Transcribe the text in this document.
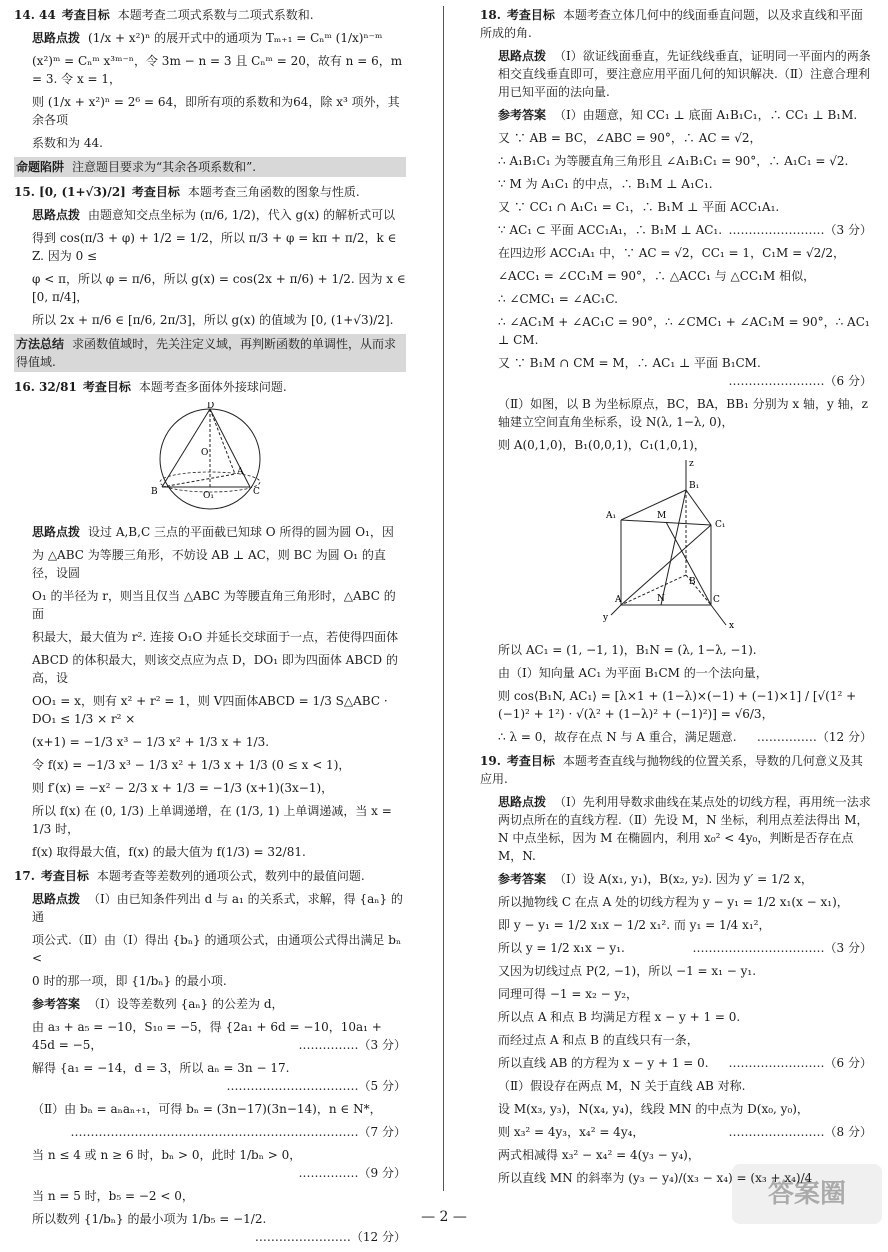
14. 44 考查目标 本题考查二项式系数与二项式系数和.

思路点拨 (1/x + x²)ⁿ 的展开式中的通项为 Tₘ₊₁ = Cₙᵐ (1/x)ⁿ⁻ᵐ

(x²)ᵐ = Cₙᵐ x³ᵐ⁻ⁿ，令 3m − n = 3 且 Cₙᵐ = 20，故有 n = 6，m = 3. 令 x = 1，

则 (1/x + x²)ⁿ = 2⁶ = 64，即所有项的系数和为64，除 x³ 项外，其余各项

系数和为 44.

命题陷阱 注意题目要求为“其余各项系数和”.

15. [0, (1+√3)/2] 考查目标 本题考查三角函数的图象与性质.

思路点拨 由题意知交点坐标为 (π/6, 1/2)，代入 g(x) 的解析式可以

得到 cos(π/3 + φ) + 1/2 = 1/2，所以 π/3 + φ = kπ + π/2，k ∈ Z. 因为 0 ≤

φ < π，所以 φ = π/6，所以 g(x) = cos(2x + π/6) + 1/2. 因为 x ∈ [0, π/4]，

所以 2x + π/6 ∈ [π/6, 2π/3]，所以 g(x) 的值域为 [0, (1+√3)/2].

方法总结 求函数值域时，先关注定义域，再判断函数的单调性，从而求得值域.

16. 32/81 考查目标 本题考查多面体外接球问题.

D
O
A
B	O₁	C

思路点拨 设过 A,B,C 三点的平面截已知球 O 所得的圆为圆 O₁，因

为 △ABC 为等腰三角形，不妨设 AB ⊥ AC，则 BC 为圆 O₁ 的直径，设圆

O₁ 的半径为 r，则当且仅当 △ABC 为等腰直角三角形时，△ABC 的面

积最大，最大值为 r². 连接 O₁O 并延长交球面于一点，若使得四面体

ABCD 的体积最大，则该交点应为点 D，DO₁ 即为四面体 ABCD 的高，设

OO₁ = x，则有 x² + r² = 1，则 V四面体ABCD = 1/3 S△ABC · DO₁ ≤ 1/3 × r² ×

(x+1) = −1/3 x³ − 1/3 x² + 1/3 x + 1/3.

令 f(x) = −1/3 x³ − 1/3 x² + 1/3 x + 1/3 (0 ≤ x < 1)，

则 f′(x) = −x² − 2/3 x + 1/3 = −1/3 (x+1)(3x−1)，

所以 f(x) 在 (0, 1/3) 上单调递增，在 (1/3, 1) 上单调递减，当 x = 1/3 时，

f(x) 取得最大值，f(x) 的最大值为 f(1/3) = 32/81.

17. 考查目标 本题考查等差数列的通项公式，数列中的最值问题.

思路点拨 （Ⅰ）由已知条件列出 d 与 a₁ 的关系式，求解，得 {aₙ} 的通

项公式.（Ⅱ）由（Ⅰ）得出 {bₙ} 的通项公式，由通项公式得出满足 bₙ <

0 时的那一项，即 {1/bₙ} 的最小项.

参考答案 （Ⅰ）设等差数列 {aₙ} 的公差为 d，

由 a₃ + a₅ = −10，S₁₀ = −5，得 {2a₁ + 6d = −10，10a₁ + 45d = −5，	……………（3 分）

解得 {a₁ = −14，d = 3，所以 aₙ = 3n − 17.
……………………………（5 分）

（Ⅱ）由 bₙ = aₙaₙ₊₁，可得 bₙ = (3n−17)(3n−14)，n ∈ N*，

………………………………………………………………（7 分）

当 n ≤ 4 或 n ≥ 6 时，bₙ > 0，此时 1/bₙ > 0，
……………（9 分）

当 n = 5 时，b₅ = −2 < 0，

所以数列 {1/bₙ} 的最小项为 1/b₅ = −1/2.
……………………（12 分）

18. 考查目标 本题考查立体几何中的线面垂直问题，以及求直线和平面所成的角.

思路点拨 （Ⅰ）欲证线面垂直，先证线线垂直，证明同一平面内的两条相交直线垂直即可，要注意应用平面几何的知识解决.（Ⅱ）注意合理利用已知平面的法向量.

参考答案 （Ⅰ）由题意，知 CC₁ ⊥ 底面 A₁B₁C₁，∴ CC₁ ⊥ B₁M.

又 ∵ AB = BC，∠ABC = 90°，∴ AC = √2，

∴ A₁B₁C₁ 为等腰直角三角形且 ∠A₁B₁C₁ = 90°，∴ A₁C₁ = √2.

∵ M 为 A₁C₁ 的中点，∴ B₁M ⊥ A₁C₁.

又 ∵ CC₁ ∩ A₁C₁ = C₁，∴ B₁M ⊥ 平面 ACC₁A₁.

∵ AC₁ ⊂ 平面 ACC₁A₁，∴ B₁M ⊥ AC₁. ……………………（3 分）

在四边形 ACC₁A₁ 中，∵ AC = √2，CC₁ = 1，C₁M = √2/2，

∠ACC₁ = ∠CC₁M = 90°，∴ △ACC₁ 与 △CC₁M 相似，

∴ ∠CMC₁ = ∠AC₁C.

∴ ∠AC₁M + ∠AC₁C = 90°，∴ ∠CMC₁ + ∠AC₁M = 90°，∴ AC₁ ⊥ CM.

又 ∵ B₁M ∩ CM = M，∴ AC₁ ⊥ 平面 B₁CM.
……………………（6 分）

（Ⅱ）如图，以 B 为坐标原点，BC，BA，BB₁ 分别为 x 轴，y 轴，z 轴建立空间直角坐标系，设 N(λ, 1−λ, 0)，

则 A(0,1,0)，B₁(0,0,1)，C₁(1,0,1)，

z
B₁
A₁	M
C₁
N
B
A	C
y
x

所以 AC₁ = (1, −1, 1)，B₁N = (λ, 1−λ, −1).

由（Ⅰ）知向量 AC₁ 为平面 B₁CM 的一个法向量，

则 cos⟨B₁N, AC₁⟩ = [λ×1 + (1−λ)×(−1) + (−1)×1] / [√(1² + (−1)² + 1²) · √(λ² + (1−λ)² + (−1)²)] = √6/3，

∴ λ = 0，故存在点 N 与 A 重合，满足题意. ……………（12 分）

19. 考查目标 本题考查直线与抛物线的位置关系，导数的几何意义及其应用.

思路点拨 （Ⅰ）先利用导数求曲线在某点处的切线方程，再用统一法求两切点所在的直线方程.（Ⅱ）先设 M，N 坐标，利用点差法得出 M，N 中点坐标，因为 M 在椭圆内，利用 x₀² < 4y₀，判断是否存在点 M，N.

参考答案 （Ⅰ）设 A(x₁, y₁)，B(x₂, y₂). 因为 y′ = 1/2 x，

所以抛物线 C 在点 A 处的切线方程为 y − y₁ = 1/2 x₁(x − x₁)，

即 y − y₁ = 1/2 x₁x − 1/2 x₁². 而 y₁ = 1/4 x₁²，

所以 y = 1/2 x₁x − y₁.	……………………………（3 分）

又因为切线过点 P(2, −1)，所以 −1 = x₁ − y₁.

同理可得 −1 = x₂ − y₂，

所以点 A 和点 B 均满足方程 x − y + 1 = 0.

而经过点 A 和点 B 的直线只有一条，

所以直线 AB 的方程为 x − y + 1 = 0. ……………………（6 分）

（Ⅱ）假设存在两点 M，N 关于直线 AB 对称.

设 M(x₃, y₃)，N(x₄, y₄)，线段 MN 的中点为 D(x₀, y₀)，

则 x₃² = 4y₃，x₄² = 4y₄，	……………………（8 分）

两式相减得 x₃² − x₄² = 4(y₃ − y₄)，

所以直线 MN 的斜率为 (y₃ − y₄)/(x₃ − x₄) = (x₃ + x₄)/4

— 2 —
答案圈
